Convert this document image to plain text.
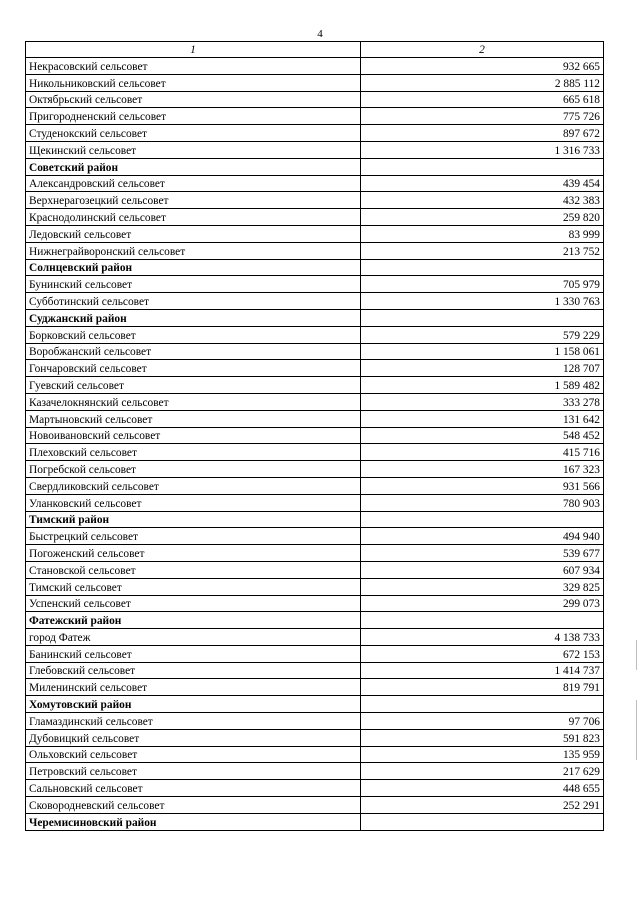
4
1	2
Некрасовский сельсовет	932 665
Никольниковский сельсовет	2 885 112
Октябрьский сельсовет	665 618
Пригородненский сельсовет	775 726
Студенокский сельсовет	897 672
Щекинский сельсовет	1 316 733
Советский район	
Александровский сельсовет	439 454
Верхнерагозецкий сельсовет	432 383
Краснодолинский сельсовет	259 820
Ледовский сельсовет	83 999
Нижнеграйворонский сельсовет	213 752
Солнцевский район	
Бунинский сельсовет	705 979
Субботинский сельсовет	1 330 763
Суджанский район	
Борковский сельсовет	579 229
Воробжанский сельсовет	1 158 061
Гончаровский сельсовет	128 707
Гуевский сельсовет	1 589 482
Казачелокнянский сельсовет	333 278
Мартыновский сельсовет	131 642
Новоивановский сельсовет	548 452
Плеховский сельсовет	415 716
Погребской сельсовет	167 323
Свердликовский сельсовет	931 566
Уланковский сельсовет	780 903
Тимский район	
Быстрецкий сельсовет	494 940
Погоженский сельсовет	539 677
Становской сельсовет	607 934
Тимский сельсовет	329 825
Успенский сельсовет	299 073
Фатежский район	
город Фатеж	4 138 733
Банинский сельсовет	672 153
Глебовский сельсовет	1 414 737
Миленинский сельсовет	819 791
Хомутовский район	
Гламаздинский сельсовет	97 706
Дубовицкий сельсовет	591 823
Ольховский сельсовет	135 959
Петровский сельсовет	217 629
Сальновский сельсовет	448 655
Сковородневский сельсовет	252 291
Черемисиновский район	
